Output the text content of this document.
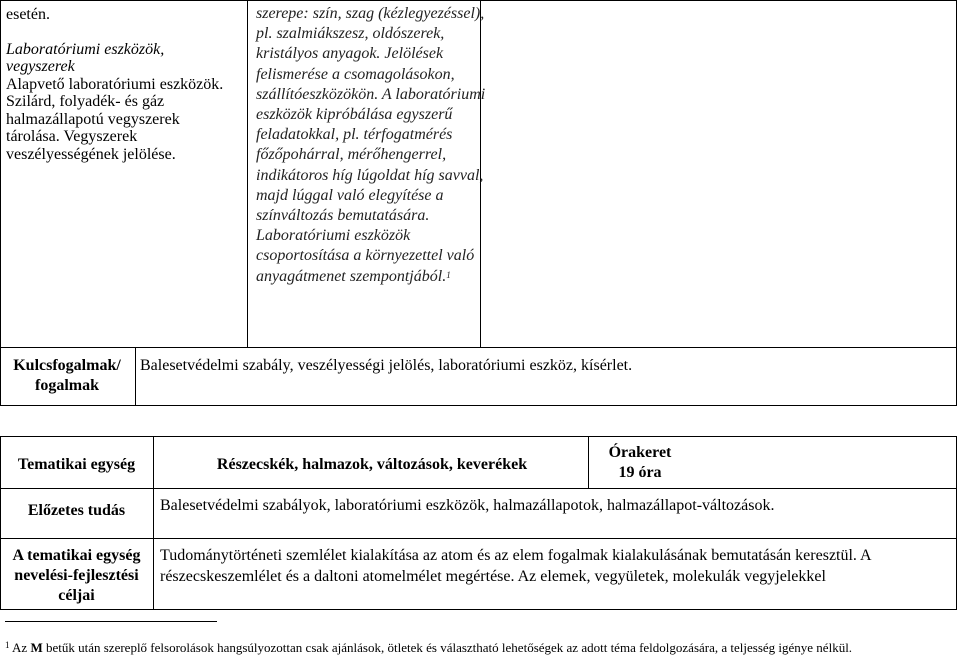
esetén.
Laboratóriumi eszközök, vegyszerek
Alapvető laboratóriumi eszközök. Szilárd, folyadék- és gáz halmazállapotú vegyszerek tárolása. Vegyszerek veszélyességének jelölése.
szerepe: szín, szag (kézlegyezéssel), pl. szalmiákszesz, oldószerek, kristályos anyagok. Jelölések felismerése a csomagolásokon, szállítóeszközökön. A laboratóriumi eszközök kipróbálása egyszerű feladatokkal, pl. térfogatmérés főzőpohárral, mérőhengerrel, indikátoros híg lúgoldat híg savval, majd lúggal való elegyítése a színváltozás bemutatására. Laboratóriumi eszközök csoportosítása a környezettel való anyagátmenet szempontjából.$^1$
Kulcsfogalmak/ fogalmak
Balesetvédelmi szabály, veszélyességi jelölés, laboratóriumi eszköz, kísérlet.
Tematikai egység	Részecskék, halmazok, változások, keverékek
Órakeret
19 óra
Előzetes tudás	Balesetvédelmi szabályok, laboratóriumi eszközök, halmazállapotok, halmazállapot-változások.
A tematikai egység nevelési-fejlesztési céljai
Tudománytörténeti szemlélet kialakítása az atom és az elem fogalmak kialakulásának bemutatásán keresztül. A részecskeszemlélet és a daltoni atomelmélet megértése. Az elemek, vegyületek, molekulák vegyjelekkel
$^1$ Az M betűk után szereplő felsorolások hangsúlyozottan csak ajánlások, ötletek és választható lehetőségek az adott téma feldolgozására, a teljesség igénye nélkül.
